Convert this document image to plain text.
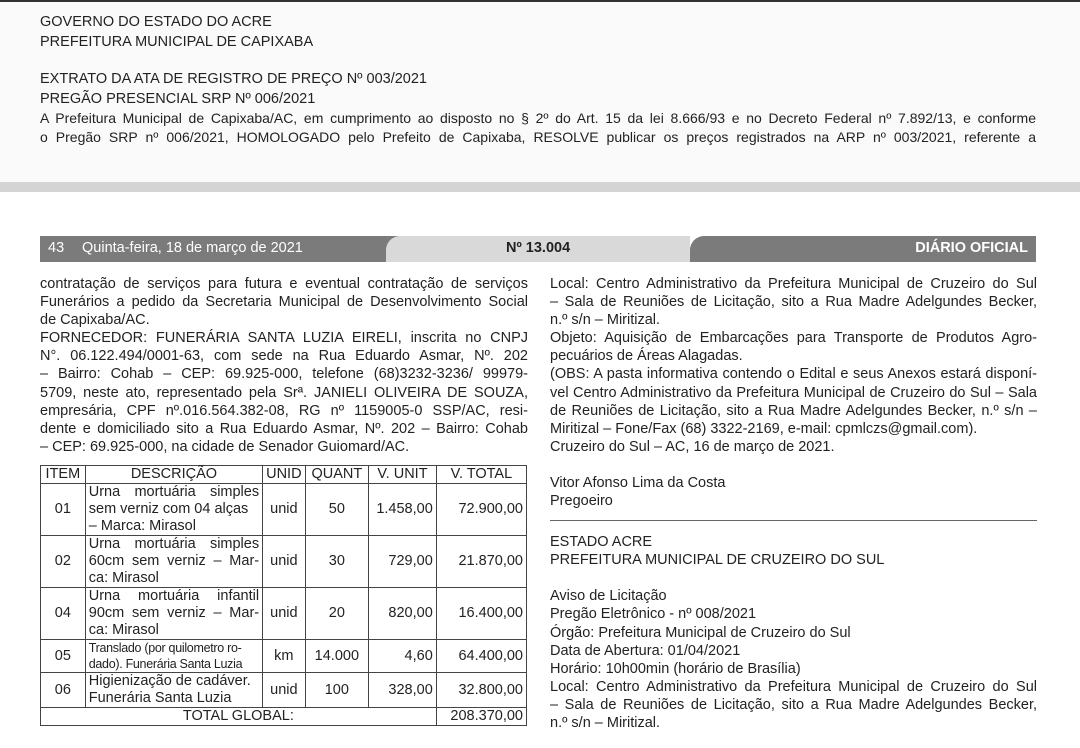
GOVERNO DO ESTADO DO ACRE
PREFEITURA MUNICIPAL DE CAPIXABA
EXTRATO DA ATA DE REGISTRO DE PREÇO Nº 003/2021
PREGÃO PRESENCIAL SRP Nº 006/2021
A Prefeitura Municipal de Capixaba/AC, em cumprimento ao disposto no § 2º do Art. 15 da lei 8.666/93 e no Decreto Federal nº 7.892/13, e conforme
o Pregão SRP nº 006/2021, HOMOLOGADO pelo Prefeito de Capixaba, RESOLVE publicar os preços registrados na ARP nº 003/2021, referente a
43 Quinta-feira, 18 de março de 2021	Nº 13.004	DIÁRIO OFICIAL
contratação de serviços para futura e eventual contratação de serviços
Funerários a pedido da Secretaria Municipal de Desenvolvimento Social
de Capixaba/AC.
FORNECEDOR: FUNERÁRIA SANTA LUZIA EIRELI, inscrita no CNPJ
N°. 06.122.494/0001-63, com sede na Rua Eduardo Asmar, Nº. 202
– Bairro: Cohab – CEP: 69.925-000, telefone (68)3232-3236/ 99979-
5709, neste ato, representado pela Srª. JANIELI OLIVEIRA DE SOUZA,
empresária, CPF nº.016.564.382-08, RG nº 1159005-0 SSP/AC, resi-
dente e domiciliado sito a Rua Eduardo Asmar, Nº. 202 – Bairro: Cohab
– CEP: 69.925-000, na cidade de Senador Guiomard/AC.
ITEM	DESCRIÇÃO	UNID	QUANT	V. UNIT	V. TOTAL
01	Urna mortuária simples
sem verniz com 04 alças
– Marca: Mirasol	unid	50	1.458,00	72.900,00
02	Urna mortuária simples
60cm sem verniz – Mar-
ca: Mirasol	unid	30	729,00	21.870,00
04	Urna mortuária infantil
90cm sem verniz – Mar-
ca: Mirasol	unid	20	820,00	16.400,00
05	Translado (por quilometro ro-
dado). Funerária Santa Luzia	km	14.000	4,60	64.400,00
06	Higienização de cadáver.
Funerária Santa Luzia	unid	100	328,00	32.800,00
TOTAL GLOBAL:					208.370,00
Local: Centro Administrativo da Prefeitura Municipal de Cruzeiro do Sul
– Sala de Reuniões de Licitação, sito a Rua Madre Adelgundes Becker,
n.º s/n – Miritizal.
Objeto: Aquisição de Embarcações para Transporte de Produtos Agro-
pecuários de Áreas Alagadas.
(OBS: A pasta informativa contendo o Edital e seus Anexos estará disponí-
vel Centro Administrativo da Prefeitura Municipal de Cruzeiro do Sul – Sala
de Reuniões de Licitação, sito a Rua Madre Adelgundes Becker, n.º s/n –
Miritizal – Fone/Fax (68) 3322-2169, e-mail: cpmlczs@gmail.com).
Cruzeiro do Sul – AC, 16 de março de 2021.
Vitor Afonso Lima da Costa
Pregoeiro
ESTADO ACRE
PREFEITURA MUNICIPAL DE CRUZEIRO DO SUL
Aviso de Licitação
Pregão Eletrônico - nº 008/2021
Órgão: Prefeitura Municipal de Cruzeiro do Sul
Data de Abertura: 01/04/2021
Horário: 10h00min (horário de Brasília)
Local: Centro Administrativo da Prefeitura Municipal de Cruzeiro do Sul
– Sala de Reuniões de Licitação, sito a Rua Madre Adelgundes Becker,
n.º s/n – Miritizal.
